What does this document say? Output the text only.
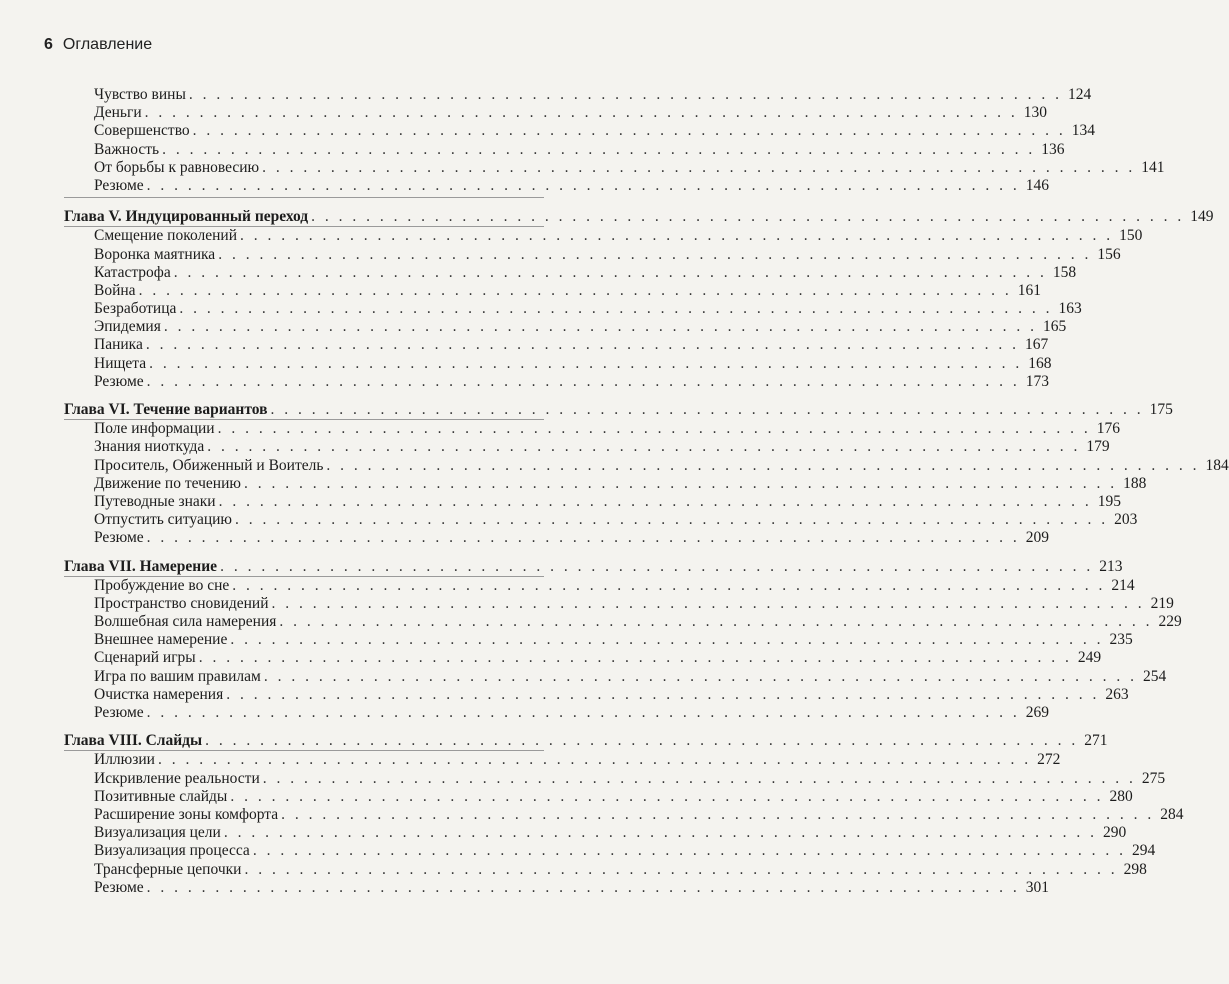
6 Оглавление
Чувство вины . . . . . . . . . . . . . . . . . . . . . . . . . . . . . . . . . . . . . . . . . . . . . . . . . . . . . . . . . . . . . . . . 124
Деньги . . . . . . . . . . . . . . . . . . . . . . . . . . . . . . . . . . . . . . . . . . . . . . . . . . . . . . . . . . . . . . . . 130
Совершенство . . . . . . . . . . . . . . . . . . . . . . . . . . . . . . . . . . . . . . . . . . . . . . . . . . . . . . . . . . . . . . . . 134
Важность . . . . . . . . . . . . . . . . . . . . . . . . . . . . . . . . . . . . . . . . . . . . . . . . . . . . . . . . . . . . . . . . 136
От борьбы к равновесию . . . . . . . . . . . . . . . . . . . . . . . . . . . . . . . . . . . . . . . . . . . . . . . . . . . . . . . . . . . . . . . . 141
Резюме . . . . . . . . . . . . . . . . . . . . . . . . . . . . . . . . . . . . . . . . . . . . . . . . . . . . . . . . . . . . . . . . 146
Глава V. Индуцированный переход . . . . . . . . . . . . . . . . . . . . . . . . . . . . . . . . . . . . . . . . . . . . . . . . . . . . . . . . . . . . . . . . 149
Смещение поколений . . . . . . . . . . . . . . . . . . . . . . . . . . . . . . . . . . . . . . . . . . . . . . . . . . . . . . . . . . . . . . . . 150
Воронка маятника . . . . . . . . . . . . . . . . . . . . . . . . . . . . . . . . . . . . . . . . . . . . . . . . . . . . . . . . . . . . . . . . 156
Катастрофа . . . . . . . . . . . . . . . . . . . . . . . . . . . . . . . . . . . . . . . . . . . . . . . . . . . . . . . . . . . . . . . . 158
Война . . . . . . . . . . . . . . . . . . . . . . . . . . . . . . . . . . . . . . . . . . . . . . . . . . . . . . . . . . . . . . . . 161
Безработица . . . . . . . . . . . . . . . . . . . . . . . . . . . . . . . . . . . . . . . . . . . . . . . . . . . . . . . . . . . . . . . . 163
Эпидемия . . . . . . . . . . . . . . . . . . . . . . . . . . . . . . . . . . . . . . . . . . . . . . . . . . . . . . . . . . . . . . . . 165
Паника . . . . . . . . . . . . . . . . . . . . . . . . . . . . . . . . . . . . . . . . . . . . . . . . . . . . . . . . . . . . . . . . 167
Нищета . . . . . . . . . . . . . . . . . . . . . . . . . . . . . . . . . . . . . . . . . . . . . . . . . . . . . . . . . . . . . . . . 168
Резюме . . . . . . . . . . . . . . . . . . . . . . . . . . . . . . . . . . . . . . . . . . . . . . . . . . . . . . . . . . . . . . . . 173
Глава VI. Течение вариантов . . . . . . . . . . . . . . . . . . . . . . . . . . . . . . . . . . . . . . . . . . . . . . . . . . . . . . . . . . . . . . . . 175
Поле информации . . . . . . . . . . . . . . . . . . . . . . . . . . . . . . . . . . . . . . . . . . . . . . . . . . . . . . . . . . . . . . . . 176
Знания ниоткуда . . . . . . . . . . . . . . . . . . . . . . . . . . . . . . . . . . . . . . . . . . . . . . . . . . . . . . . . . . . . . . . . 179
Проситель, Обиженный и Воитель . . . . . . . . . . . . . . . . . . . . . . . . . . . . . . . . . . . . . . . . . . . . . . . . . . . . . . . . . . . . . . . . 184
Движение по течению . . . . . . . . . . . . . . . . . . . . . . . . . . . . . . . . . . . . . . . . . . . . . . . . . . . . . . . . . . . . . . . . 188
Путеводные знаки . . . . . . . . . . . . . . . . . . . . . . . . . . . . . . . . . . . . . . . . . . . . . . . . . . . . . . . . . . . . . . . . 195
Отпустить ситуацию . . . . . . . . . . . . . . . . . . . . . . . . . . . . . . . . . . . . . . . . . . . . . . . . . . . . . . . . . . . . . . . . 203
Резюме . . . . . . . . . . . . . . . . . . . . . . . . . . . . . . . . . . . . . . . . . . . . . . . . . . . . . . . . . . . . . . . . 209
Глава VII. Намерение . . . . . . . . . . . . . . . . . . . . . . . . . . . . . . . . . . . . . . . . . . . . . . . . . . . . . . . . . . . . . . . . 213
Пробуждение во сне . . . . . . . . . . . . . . . . . . . . . . . . . . . . . . . . . . . . . . . . . . . . . . . . . . . . . . . . . . . . . . . . 214
Пространство сновидений . . . . . . . . . . . . . . . . . . . . . . . . . . . . . . . . . . . . . . . . . . . . . . . . . . . . . . . . . . . . . . . . 219
Волшебная сила намерения . . . . . . . . . . . . . . . . . . . . . . . . . . . . . . . . . . . . . . . . . . . . . . . . . . . . . . . . . . . . . . . . 229
Внешнее намерение . . . . . . . . . . . . . . . . . . . . . . . . . . . . . . . . . . . . . . . . . . . . . . . . . . . . . . . . . . . . . . . . 235
Сценарий игры . . . . . . . . . . . . . . . . . . . . . . . . . . . . . . . . . . . . . . . . . . . . . . . . . . . . . . . . . . . . . . . . 249
Игра по вашим правилам . . . . . . . . . . . . . . . . . . . . . . . . . . . . . . . . . . . . . . . . . . . . . . . . . . . . . . . . . . . . . . . . 254
Очистка намерения . . . . . . . . . . . . . . . . . . . . . . . . . . . . . . . . . . . . . . . . . . . . . . . . . . . . . . . . . . . . . . . . 263
Резюме . . . . . . . . . . . . . . . . . . . . . . . . . . . . . . . . . . . . . . . . . . . . . . . . . . . . . . . . . . . . . . . . 269
Глава VIII. Слайды . . . . . . . . . . . . . . . . . . . . . . . . . . . . . . . . . . . . . . . . . . . . . . . . . . . . . . . . . . . . . . . . 271
Иллюзии . . . . . . . . . . . . . . . . . . . . . . . . . . . . . . . . . . . . . . . . . . . . . . . . . . . . . . . . . . . . . . . . 272
Искривление реальности . . . . . . . . . . . . . . . . . . . . . . . . . . . . . . . . . . . . . . . . . . . . . . . . . . . . . . . . . . . . . . . . 275
Позитивные слайды . . . . . . . . . . . . . . . . . . . . . . . . . . . . . . . . . . . . . . . . . . . . . . . . . . . . . . . . . . . . . . . . 280
Расширение зоны комфорта . . . . . . . . . . . . . . . . . . . . . . . . . . . . . . . . . . . . . . . . . . . . . . . . . . . . . . . . . . . . . . . . 284
Визуализация цели . . . . . . . . . . . . . . . . . . . . . . . . . . . . . . . . . . . . . . . . . . . . . . . . . . . . . . . . . . . . . . . . 290
Визуализация процесса . . . . . . . . . . . . . . . . . . . . . . . . . . . . . . . . . . . . . . . . . . . . . . . . . . . . . . . . . . . . . . . . 294
Трансферные цепочки . . . . . . . . . . . . . . . . . . . . . . . . . . . . . . . . . . . . . . . . . . . . . . . . . . . . . . . . . . . . . . . . 298
Резюме . . . . . . . . . . . . . . . . . . . . . . . . . . . . . . . . . . . . . . . . . . . . . . . . . . . . . . . . . . . . . . . . 301
